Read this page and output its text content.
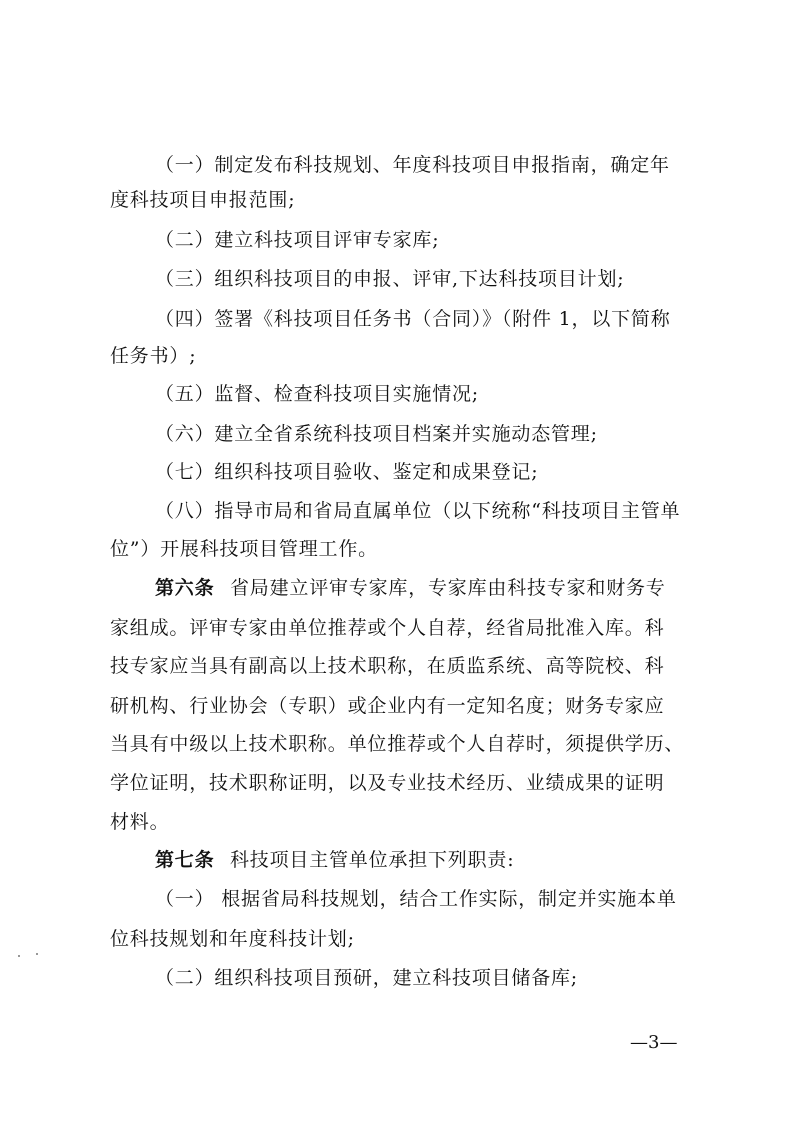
（一）制定发布科技规划、年度科技项目申报指南，确定年
度科技项目申报范围;
（二）建立科技项目评审专家库;
（三）组织科技项目的申报、评审,下达科技项目计划;
（四）签署《科技项目任务书（合同）》（附件 1，以下简称
任务书）;
（五）监督、检查科技项目实施情况;
（六）建立全省系统科技项目档案并实施动态管理;
（七）组织科技项目验收、鉴定和成果登记;
（八）指导市局和省局直属单位（以下统称“科技项目主管单
位”）开展科技项目管理工作。
第六条 省局建立评审专家库，专家库由科技专家和财务专
家组成。评审专家由单位推荐或个人自荐，经省局批准入库。科
技专家应当具有副高以上技术职称，在质监系统、高等院校、科
研机构、行业协会（专职）或企业内有一定知名度；财务专家应
当具有中级以上技术职称。单位推荐或个人自荐时，须提供学历、
学位证明，技术职称证明，以及专业技术经历、业绩成果的证明
材料。
第七条 科技项目主管单位承担下列职责:
（一） 根据省局科技规划，结合工作实际，制定并实施本单
位科技规划和年度科技计划;
（二）组织科技项目预研，建立科技项目储备库;
—3—
